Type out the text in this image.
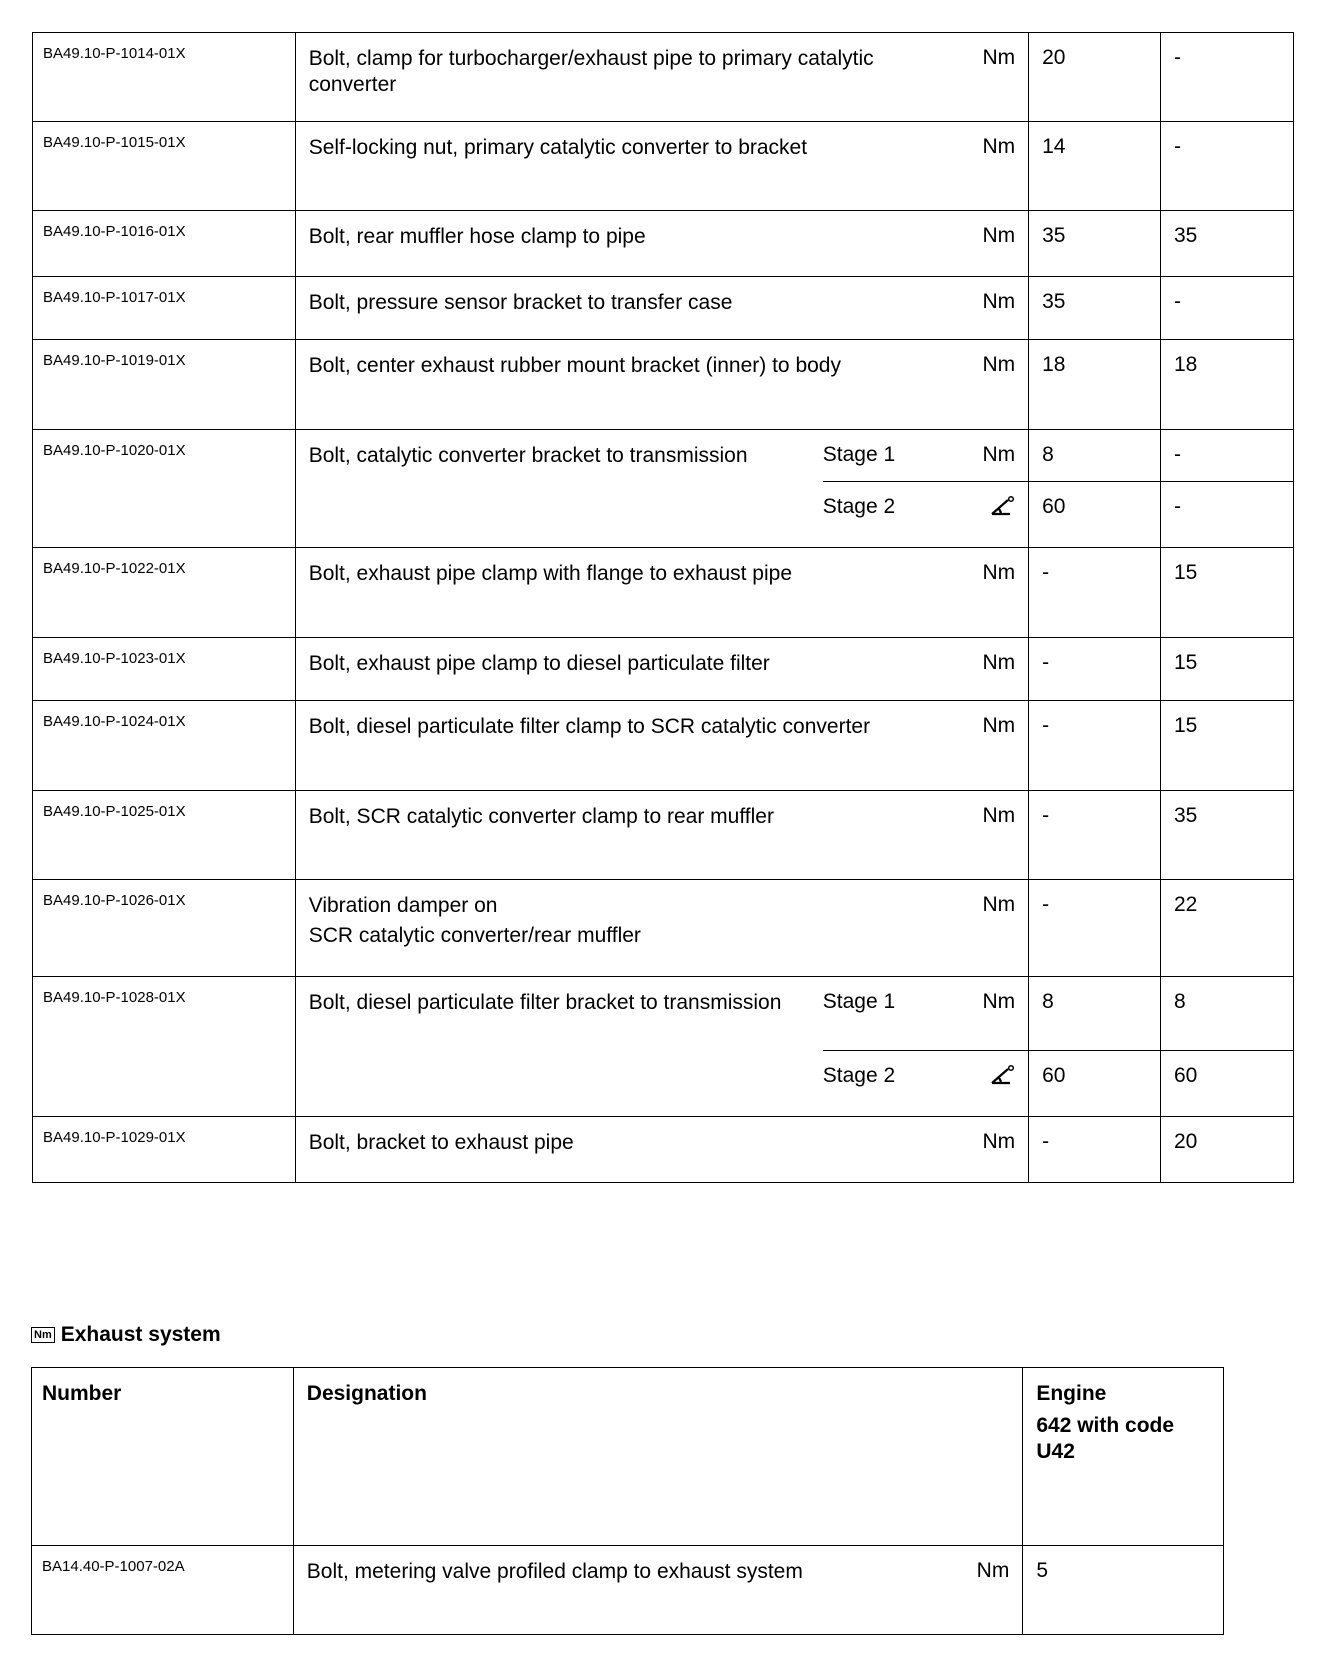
BA49.10-P-1014-01X	Bolt, clamp for turbocharger/exhaust pipe to primary catalytic converter		Nm	20	-
BA49.10-P-1015-01X	Self-locking nut, primary catalytic converter to bracket		Nm	14	-
BA49.10-P-1016-01X	Bolt, rear muffler hose clamp to pipe		Nm	35	35
BA49.10-P-1017-01X	Bolt, pressure sensor bracket to transfer case		Nm	35	-
BA49.10-P-1019-01X	Bolt, center exhaust rubber mount bracket (inner) to body		Nm	18	18
BA49.10-P-1020-01X	Bolt, catalytic converter bracket to transmission	Stage 1	Nm	8	-
		Stage 2		60	-
BA49.10-P-1022-01X	Bolt, exhaust pipe clamp with flange to exhaust pipe		Nm	-	15
BA49.10-P-1023-01X	Bolt, exhaust pipe clamp to diesel particulate filter		Nm	-	15
BA49.10-P-1024-01X	Bolt, diesel particulate filter clamp to SCR catalytic converter		Nm	-	15
BA49.10-P-1025-01X	Bolt, SCR catalytic converter clamp to rear muffler		Nm	-	35
BA49.10-P-1026-01X	Vibration damper on
SCR catalytic converter/rear muffler		Nm	-	22
BA49.10-P-1028-01X	Bolt, diesel particulate filter bracket to transmission	Stage 1	Nm	8	8
		Stage 2		60	60
BA49.10-P-1029-01X	Bolt, bracket to exhaust pipe		Nm	-	20
Nm Exhaust system
Number	Designation		Engine
642 with code U42

BA14.40-P-1007-02A	Bolt, metering valve profiled clamp to exhaust system	Nm	5
